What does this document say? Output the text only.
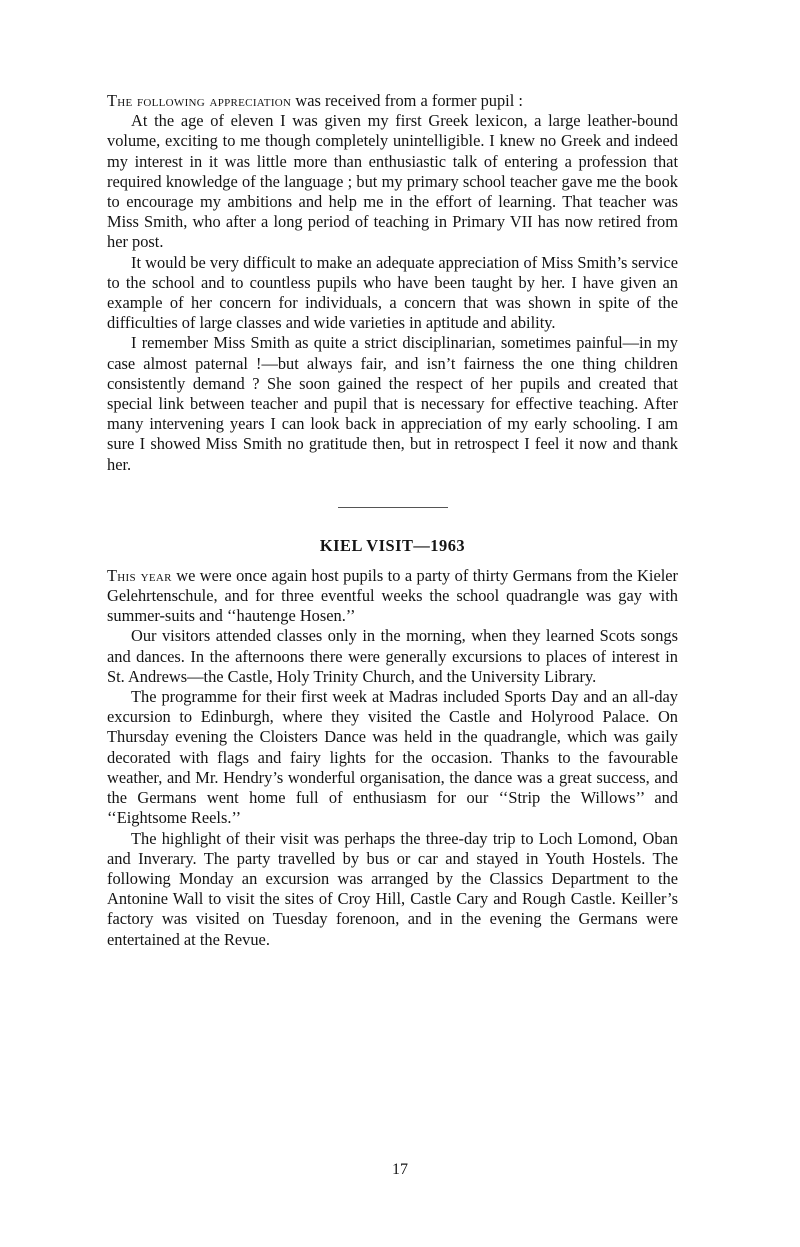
The following appreciation was received from a former pupil :

At the age of eleven I was given my first Greek lexicon, a large leather-bound volume, exciting to me though completely unintelligible. I knew no Greek and indeed my interest in it was little more than enthusiastic talk of entering a profession that required knowledge of the language ; but my primary school teacher gave me the book to encourage my ambitions and help me in the effort of learning. That teacher was Miss Smith, who after a long period of teaching in Primary VII has now retired from her post.

It would be very difficult to make an adequate appreciation of Miss Smith’s service to the school and to countless pupils who have been taught by her. I have given an example of her concern for individuals, a concern that was shown in spite of the difficulties of large classes and wide varieties in aptitude and ability.

I remember Miss Smith as quite a strict disciplinarian, sometimes painful—in my case almost paternal !—but always fair, and isn’t fairness the one thing children consistently demand ? She soon gained the respect of her pupils and created that special link between teacher and pupil that is necessary for effective teaching. After many intervening years I can look back in appreciation of my early schooling. I am sure I showed Miss Smith no gratitude then, but in retrospect I feel it now and thank her.

KIEL VISIT—1963

This year we were once again host pupils to a party of thirty Germans from the Kieler Gelehrtenschule, and for three eventful weeks the school quadrangle was gay with summer-suits and ‘‘hautenge Hosen.’’

Our visitors attended classes only in the morning, when they learned Scots songs and dances. In the afternoons there were generally excursions to places of interest in St. Andrews—the Castle, Holy Trinity Church, and the University Library.

The programme for their first week at Madras included Sports Day and an all-day excursion to Edinburgh, where they visited the Castle and Holyrood Palace. On Thursday evening the Cloisters Dance was held in the quadrangle, which was gaily decorated with flags and fairy lights for the occasion. Thanks to the favourable weather, and Mr. Hendry’s wonderful organisation, the dance was a great success, and the Germans went home full of enthusiasm for our ‘‘Strip the Willows’’ and ‘‘Eightsome Reels.’’

The highlight of their visit was perhaps the three-day trip to Loch Lomond, Oban and Inverary. The party travelled by bus or car and stayed in Youth Hostels. The following Monday an excursion was arranged by the Classics Department to the Antonine Wall to visit the sites of Croy Hill, Castle Cary and Rough Castle. Keiller’s factory was visited on Tuesday forenoon, and in the evening the Germans were entertained at the Revue.

17
